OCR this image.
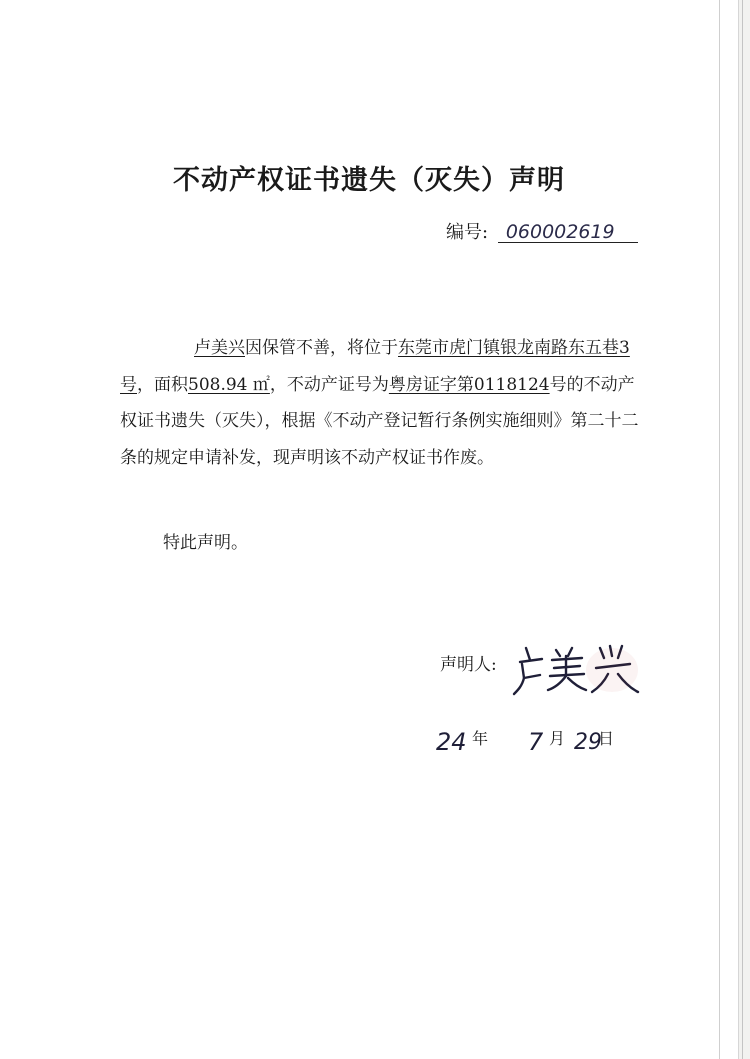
不动产权证书遗失（灭失）声明
编号: 060002619

卢美兴因保管不善，将位于东莞市虎门镇银龙南路东五巷3号，面积508.94 ㎡，不动产证号为粤房证字第0118124号的不动产权证书遗失（灭失），根据《不动产登记暂行条例实施细则》第二十二条的规定申请补发，现声明该不动产权证书作废。

特此声明。
声明人:
24 年 7 月 29
日
